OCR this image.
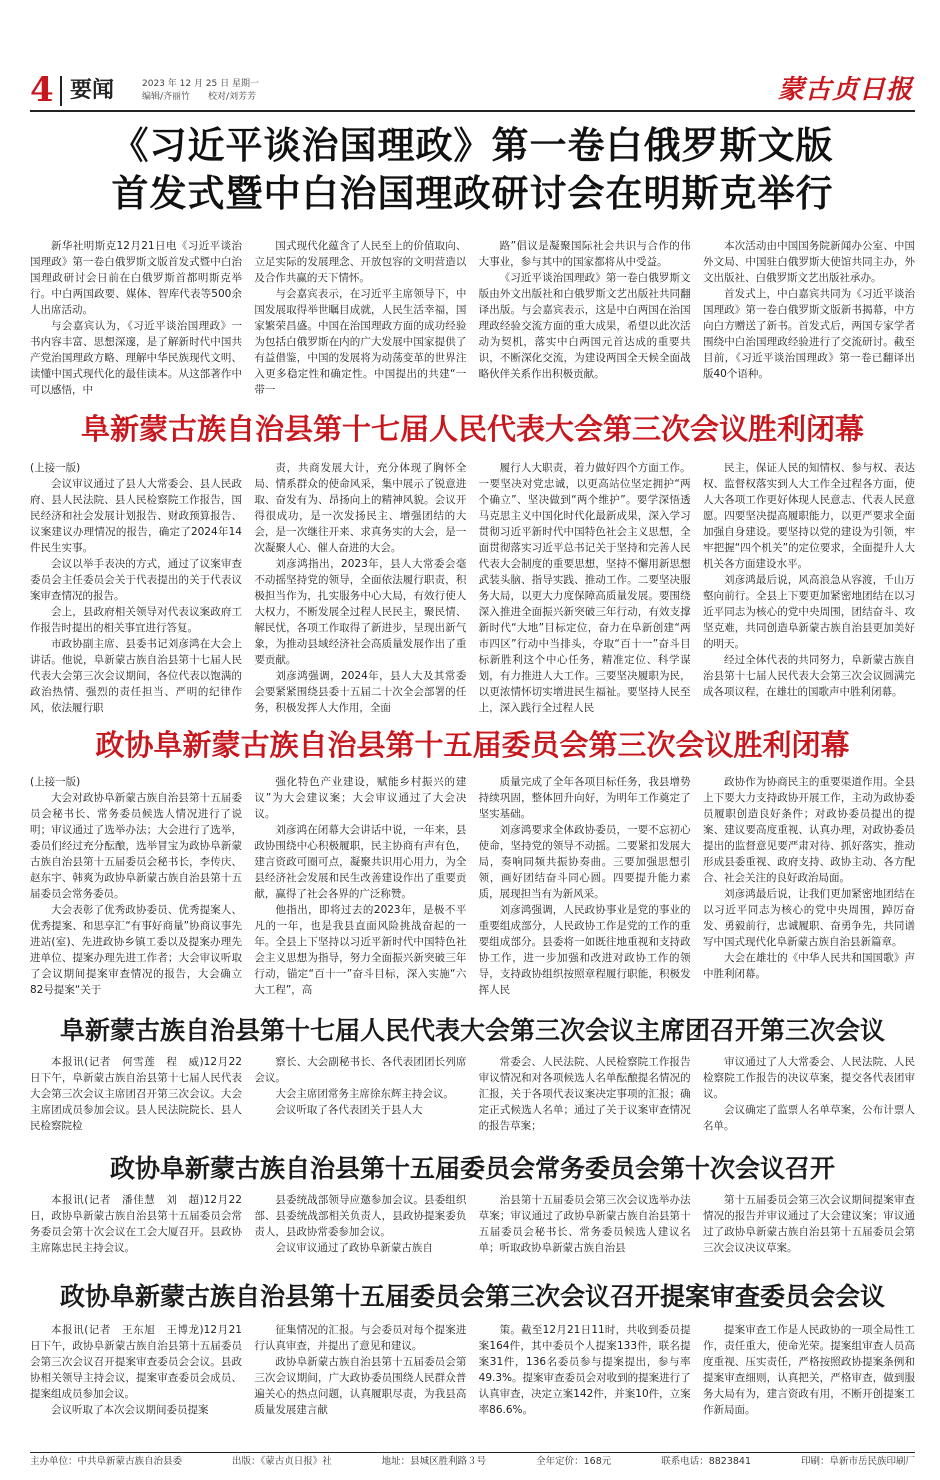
4 要闻	2023 年 12 月 25 日 星期一
编辑/齐丽竹　　校对/刘芳芳	蒙古贞日报
《习近平谈治国理政》第一卷白俄罗斯文版
首发式暨中白治国理政研讨会在明斯克举行

新华社明斯克12月21日电《习近平谈治国理政》第一卷白俄罗斯文版首发式暨中白治国理政研讨会日前在白俄罗斯首都明斯克举行。中白两国政要、媒体、智库代表等500余人出席活动。

与会嘉宾认为，《习近平谈治国理政》一书内容丰富、思想深邃，是了解新时代中国共产党治国理政方略、理解中华民族现代文明、读懂中国式现代化的最佳读本。从这部著作中可以感悟，中

国式现代化蕴含了人民至上的价值取向、立足实际的发展理念、开放包容的文明营造以及合作共赢的天下情怀。

与会嘉宾表示，在习近平主席领导下，中国发展取得举世瞩目成就，人民生活幸福，国家繁荣昌盛。中国在治国理政方面的成功经验为包括白俄罗斯在内的广大发展中国家提供了有益借鉴，中国的发展将为动荡变革的世界注入更多稳定性和确定性。中国提出的共建“一带一

路”倡议是凝聚国际社会共识与合作的伟大事业，参与其中的国家都将从中受益。

《习近平谈治国理政》第一卷白俄罗斯文版由外文出版社和白俄罗斯文艺出版社共同翻译出版。与会嘉宾表示，这是中白两国在治国理政经验交流方面的重大成果，希望以此次活动为契机，落实中白两国元首达成的重要共识，不断深化交流，为建设两国全天候全面战略伙伴关系作出积极贡献。

本次活动由中国国务院新闻办公室、中国外文局、中国驻白俄罗斯大使馆共同主办，外文出版社、白俄罗斯文艺出版社承办。

首发式上，中白嘉宾共同为《习近平谈治国理政》第一卷白俄罗斯文版新书揭幕，中方向白方赠送了新书。首发式后，两国专家学者围绕中白治国理政经验进行了交流研讨。截至目前，《习近平谈治国理政》第一卷已翻译出版40个语种。

阜新蒙古族自治县第十七届人民代表大会第三次会议胜利闭幕

(上接一版)

会议审议通过了县人大常委会、县人民政府、县人民法院、县人民检察院工作报告，国民经济和社会发展计划报告、财政预算报告、议案建议办理情况的报告，确定了2024年14件民生实事。

会议以举手表决的方式，通过了议案审查委员会主任委员会关于代表提出的关于代表议案审查情况的报告。

会上，县政府相关领导对代表议案政府工作报告时提出的相关事宜进行答复。

市政协副主席、县委书记刘彦鸿在大会上讲话。他说，阜新蒙古族自治县第十七届人民代表大会第三次会议期间，各位代表以饱满的政治热情、强烈的责任担当、严明的纪律作风，依法履行职

责，共商发展大计，充分体现了胸怀全局、情系群众的使命风采，集中展示了锐意进取、奋发有为、昂扬向上的精神风貌。会议开得很成功，是一次发扬民主、增强团结的大会，是一次继往开来、求真务实的大会，是一次凝聚人心、催人奋进的大会。

刘彦鸿指出，2023年，县人大常委会毫不动摇坚持党的领导，全面依法履行职责，积极担当作为，扎实服务中心大局，有效行使人大权力，不断发展全过程人民民主，聚民情、解民忧，各项工作取得了新进步，呈现出新气象，为推动县域经济社会高质量发展作出了重要贡献。

刘彦鸿强调，2024年，县人大及其常委会要紧紧围绕县委十五届二十次全会部署的任务，积极发挥人大作用，全面

履行人大职责，着力做好四个方面工作。一要坚决对党忠诚，以更高站位坚定拥护“两个确立”、坚决做到“两个维护”。要学深悟透马克思主义中国化时代化最新成果，深入学习贯彻习近平新时代中国特色社会主义思想，全面贯彻落实习近平总书记关于坚持和完善人民代表大会制度的重要思想，坚持不懈用新思想武装头脑、指导实践、推动工作。二要坚决服务大局，以更大力度保障高质量发展。要围绕深入推进全面振兴新突破三年行动，有效支撑新时代“大地”目标定位，奋力在阜新创建“两市四区”行动中当排头，夺取“百十一”奋斗目标新胜利这个中心任务，精准定位、科学谋划，有力推进人大工作。三要坚决履职为民，以更浓情怀切实增进民生福祉。要坚持人民至上，深入践行全过程人民

民主，保证人民的知情权、参与权、表达权、监督权落实到人大工作全过程各方面，使人大各项工作更好体现人民意志、代表人民意愿。四要坚决提高履职能力，以更严要求全面加强自身建设。要坚持以党的建设为引领，牢牢把握“四个机关”的定位要求，全面提升人大机关各方面建设水平。

刘彦鸿最后说，风高浪急从容渡，千山万壑向前行。全县上下要更加紧密地团结在以习近平同志为核心的党中央周围，团结奋斗、攻坚克难，共同创造阜新蒙古族自治县更加美好的明天。

经过全体代表的共同努力，阜新蒙古族自治县第十七届人民代表大会第三次会议圆满完成各项议程，在雄壮的国歌声中胜利闭幕。

政协阜新蒙古族自治县第十五届委员会第三次会议胜利闭幕

(上接一版)

大会对政协阜新蒙古族自治县第十五届委员会秘书长、常务委员候选人情况进行了说明；审议通过了选举办法；大会进行了选举，委员们经过充分酝酿，选举冒宝为政协阜新蒙古族自治县第十五届委员会秘书长，李传庆、赵东宇、韩爽为政协阜新蒙古族自治县第十五届委员会常务委员。

大会表彰了优秀政协委员、优秀提案人、优秀提案、和思享汇“有事好商量”协商议事先进站(室)、先进政协乡镇工委以及提案办理先进单位、提案办理先进工作者；大会审议听取了会议期间提案审查情况的报告，大会确立82号提案“关于

强化特色产业建设，赋能乡村振兴的建议”为大会建议案；大会审议通过了大会决议。

刘彦鸿在闭幕大会讲话中说，一年来，县政协围绕中心积极履职，民主协商有声有色，建言资政可圈可点，凝聚共识用心用力，为全县经济社会发展和民生改善建设作出了重要贡献，赢得了社会各界的广泛称赞。

他指出，即将过去的2023年，是极不平凡的一年，也是我县直面风险挑战奋起的一年。全县上下坚持以习近平新时代中国特色社会主义思想为指导，努力全面振兴新突破三年行动，锚定“百十一”奋斗目标，深入实施“六大工程”，高

质量完成了全年各项目标任务，我县增势持续巩固，整体回升向好，为明年工作奠定了坚实基础。

刘彦鸿要求全体政协委员，一要不忘初心使命，坚持党的领导不动摇。二要紧扣发展大局，奏响同频共振协奏曲。三要加强思想引领，画好团结奋斗同心圆。四要提升能力素质，展现担当有为新风采。

刘彦鸿强调，人民政协事业是党的事业的重要组成部分，人民政协工作是党的工作的重要组成部分。县委将一如既往地重视和支持政协工作，进一步加强和改进对政协工作的领导，支持政协组织按照章程履行职能，积极发挥人民

政协作为协商民主的重要渠道作用。全县上下要大力支持政协开展工作，主动为政协委员履职创造良好条件；对政协委员提出的提案、建议要高度重视、认真办理，对政协委员提出的监督意见要严肃对待、抓好落实，推动形成县委重视、政府支持、政协主动、各方配合、社会关注的良好政治局面。

刘彦鸿最后说，让我们更加紧密地团结在以习近平同志为核心的党中央周围，踔厉奋发、勇毅前行，忠诚履职、奋勇争先，共同谱写中国式现代化阜新蒙古族自治县新篇章。

大会在雄壮的《中华人民共和国国歌》声中胜利闭幕。

阜新蒙古族自治县第十七届人民代表大会第三次会议主席团召开第三次会议

本报讯(记者　何雪莲　程　威)12月22日下午，阜新蒙古族自治县第十七届人民代表大会第三次会议主席团召开第三次会议。大会主席团成员参加会议。县人民法院院长、县人民检察院检

察长、大会副秘书长、各代表团团长列席会议。

大会主席团常务主席徐东辉主持会议。

会议听取了各代表团关于县人大

常委会、人民法院、人民检察院工作报告审议情况和对各项候选人名单酝酿提名情况的汇报，关于各项代表议案决定事项的汇报；确定正式候选人名单；通过了关于议案审查情况的报告草案；

审议通过了人大常委会、人民法院、人民检察院工作报告的决议草案，提交各代表团审议。

会议确定了监票人名单草案，公布计票人名单。

政协阜新蒙古族自治县第十五届委员会常务委员会第十次会议召开

本报讯(记者　潘佳慧　刘　超)12月22日，政协阜新蒙古族自治县第十五届委员会常务委员会第十次会议在工会大厦召开。县政协主席陈忠民主持会议。

县委统战部领导应邀参加会议。县委组织部、县委统战部相关负责人，县政协提案委负责人，县政协常委参加会议。

会议审议通过了政协阜新蒙古族自

治县第十五届委员会第三次会议选举办法草案；审议通过了政协阜新蒙古族自治县第十五届委员会秘书长、常务委员候选人建议名单；听取政协阜新蒙古族自治县

第十五届委员会第三次会议期间提案审查情况的报告并审议通过了大会建议案；审议通过了政协阜新蒙古族自治县第十五届委员会第三次会议决议草案。

政协阜新蒙古族自治县第十五届委员会第三次会议召开提案审查委员会会议

本报讯(记者　王东旭　王博龙)12月21日下午，政协阜新蒙古族自治县第十五届委员会第三次会议召开提案审查委员会会议。县政协相关领导主持会议，提案审查委员会成员、提案组成员参加会议。

会议听取了本次会议期间委员提案

征集情况的汇报。与会委员对每个提案进行认真审查，并提出了意见和建议。

政协阜新蒙古族自治县第十五届委员会第三次会议期间，广大政协委员围绕人民群众普遍关心的热点问题，认真履职尽责，为我县高质量发展建言献

策。截至12月21日11时，共收到委员提案164件，其中委员个人提案133件，联名提案31件，136名委员参与提案提出，参与率49.3%。提案审查委员会对收到的提案进行了认真审查，决定立案142件，并案10件，立案率86.6%。

提案审查工作是人民政协的一项全局性工作，责任重大，使命光荣。提案组审查人员高度重视、压实责任，严格按照政协提案条例和提案审查细则，认真把关，严格审查，做到服务大局有为，建言资政有用，不断开创提案工作新局面。

主办单位：中共阜新蒙古族自治县委	出版：《蒙古贞日报》社	地址：县城区胜利路３号	全年定价：168元	联系电话：8823841	印刷：阜新市岳民族印刷厂
